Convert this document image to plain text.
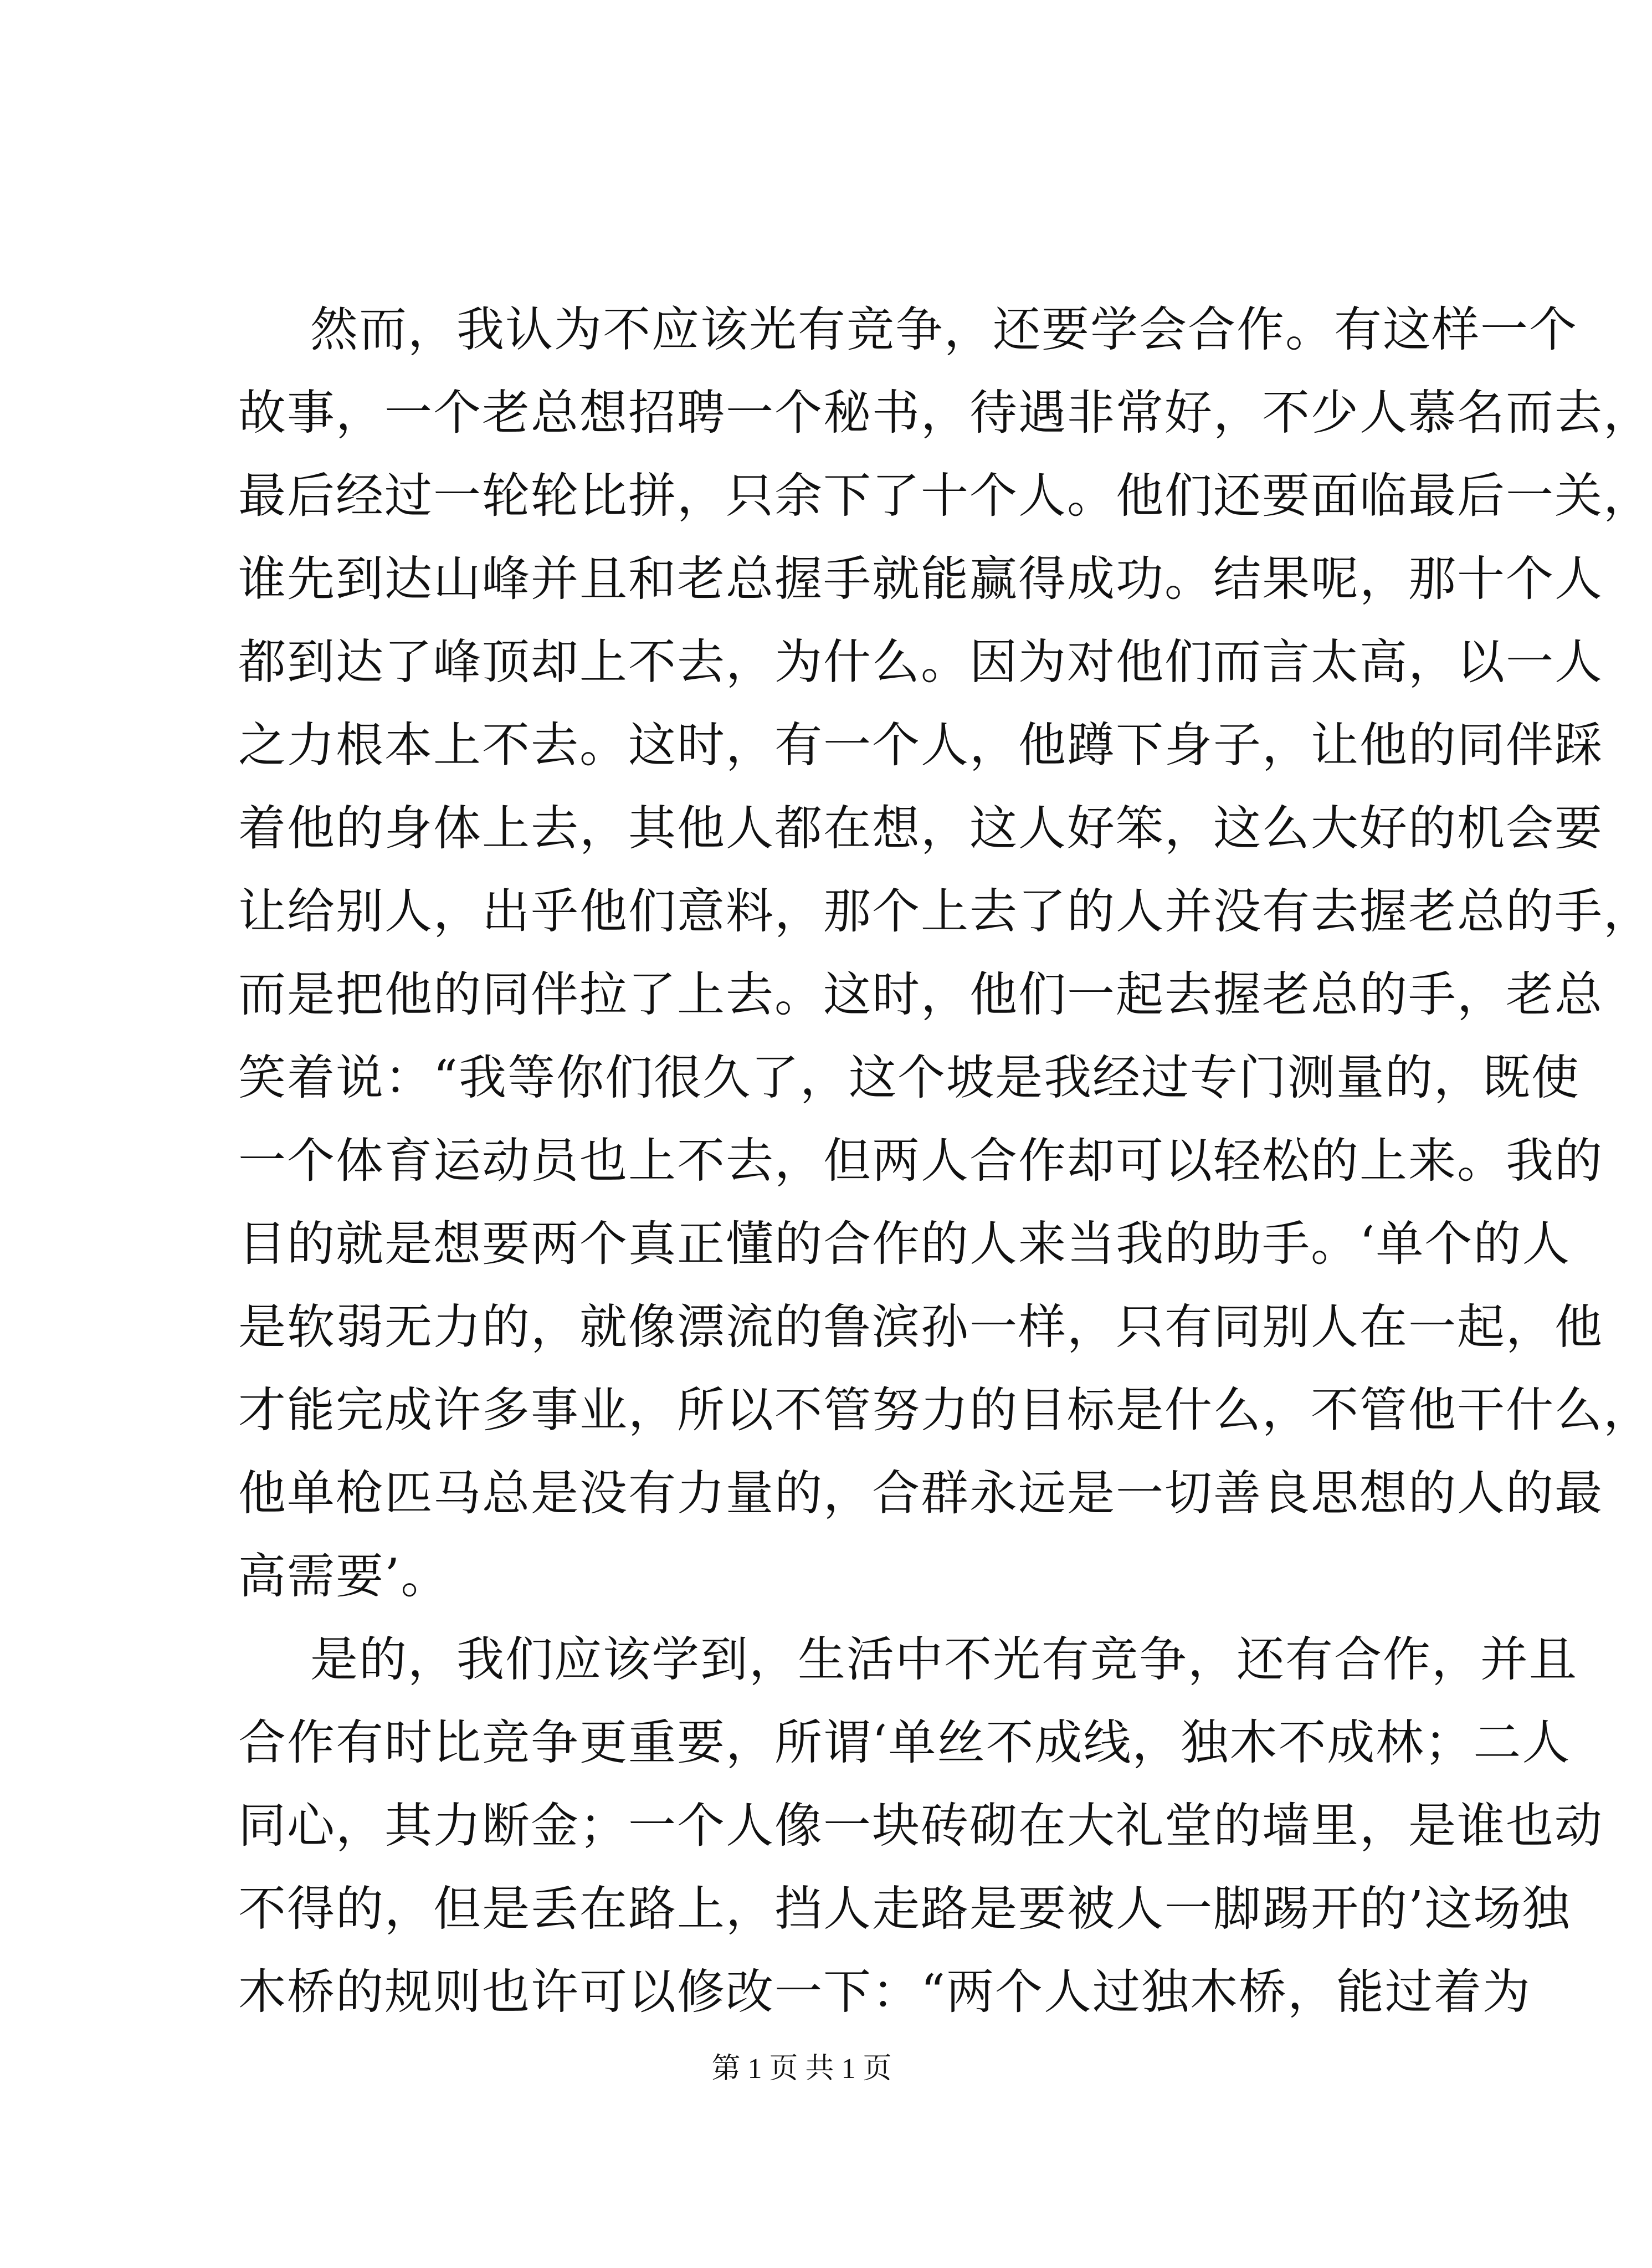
然而，我认为不应该光有竞争，还要学会合作。有这样一个
故事，一个老总想招聘一个秘书，待遇非常好，不少人慕名而去，
最后经过一轮轮比拼，只余下了十个人。他们还要面临最后一关，
谁先到达山峰并且和老总握手就能赢得成功。结果呢，那十个人
都到达了峰顶却上不去，为什么。因为对他们而言太高，以一人
之力根本上不去。这时，有一个人，他蹲下身子，让他的同伴踩
着他的身体上去，其他人都在想，这人好笨，这么大好的机会要
让给别人，出乎他们意料，那个上去了的人并没有去握老总的手，
而是把他的同伴拉了上去。这时，他们一起去握老总的手，老总
笑着说：“我等你们很久了，这个坡是我经过专门测量的，既使
一个体育运动员也上不去，但两人合作却可以轻松的上来。我的
目的就是想要两个真正懂的合作的人来当我的助手。‘单个的人
是软弱无力的，就像漂流的鲁滨孙一样，只有同别人在一起，他
才能完成许多事业，所以不管努力的目标是什么，不管他干什么，
他单枪匹马总是没有力量的，合群永远是一切善良思想的人的最
高需要’。
是的，我们应该学到，生活中不光有竞争，还有合作，并且
合作有时比竞争更重要，所谓‘单丝不成线，独木不成林；二人
同心，其力断金；一个人像一块砖砌在大礼堂的墙里，是谁也动
不得的，但是丢在路上，挡人走路是要被人一脚踢开的’这场独
木桥的规则也许可以修改一下：“两个人过独木桥，能过着为
第 1 页 共 1 页
